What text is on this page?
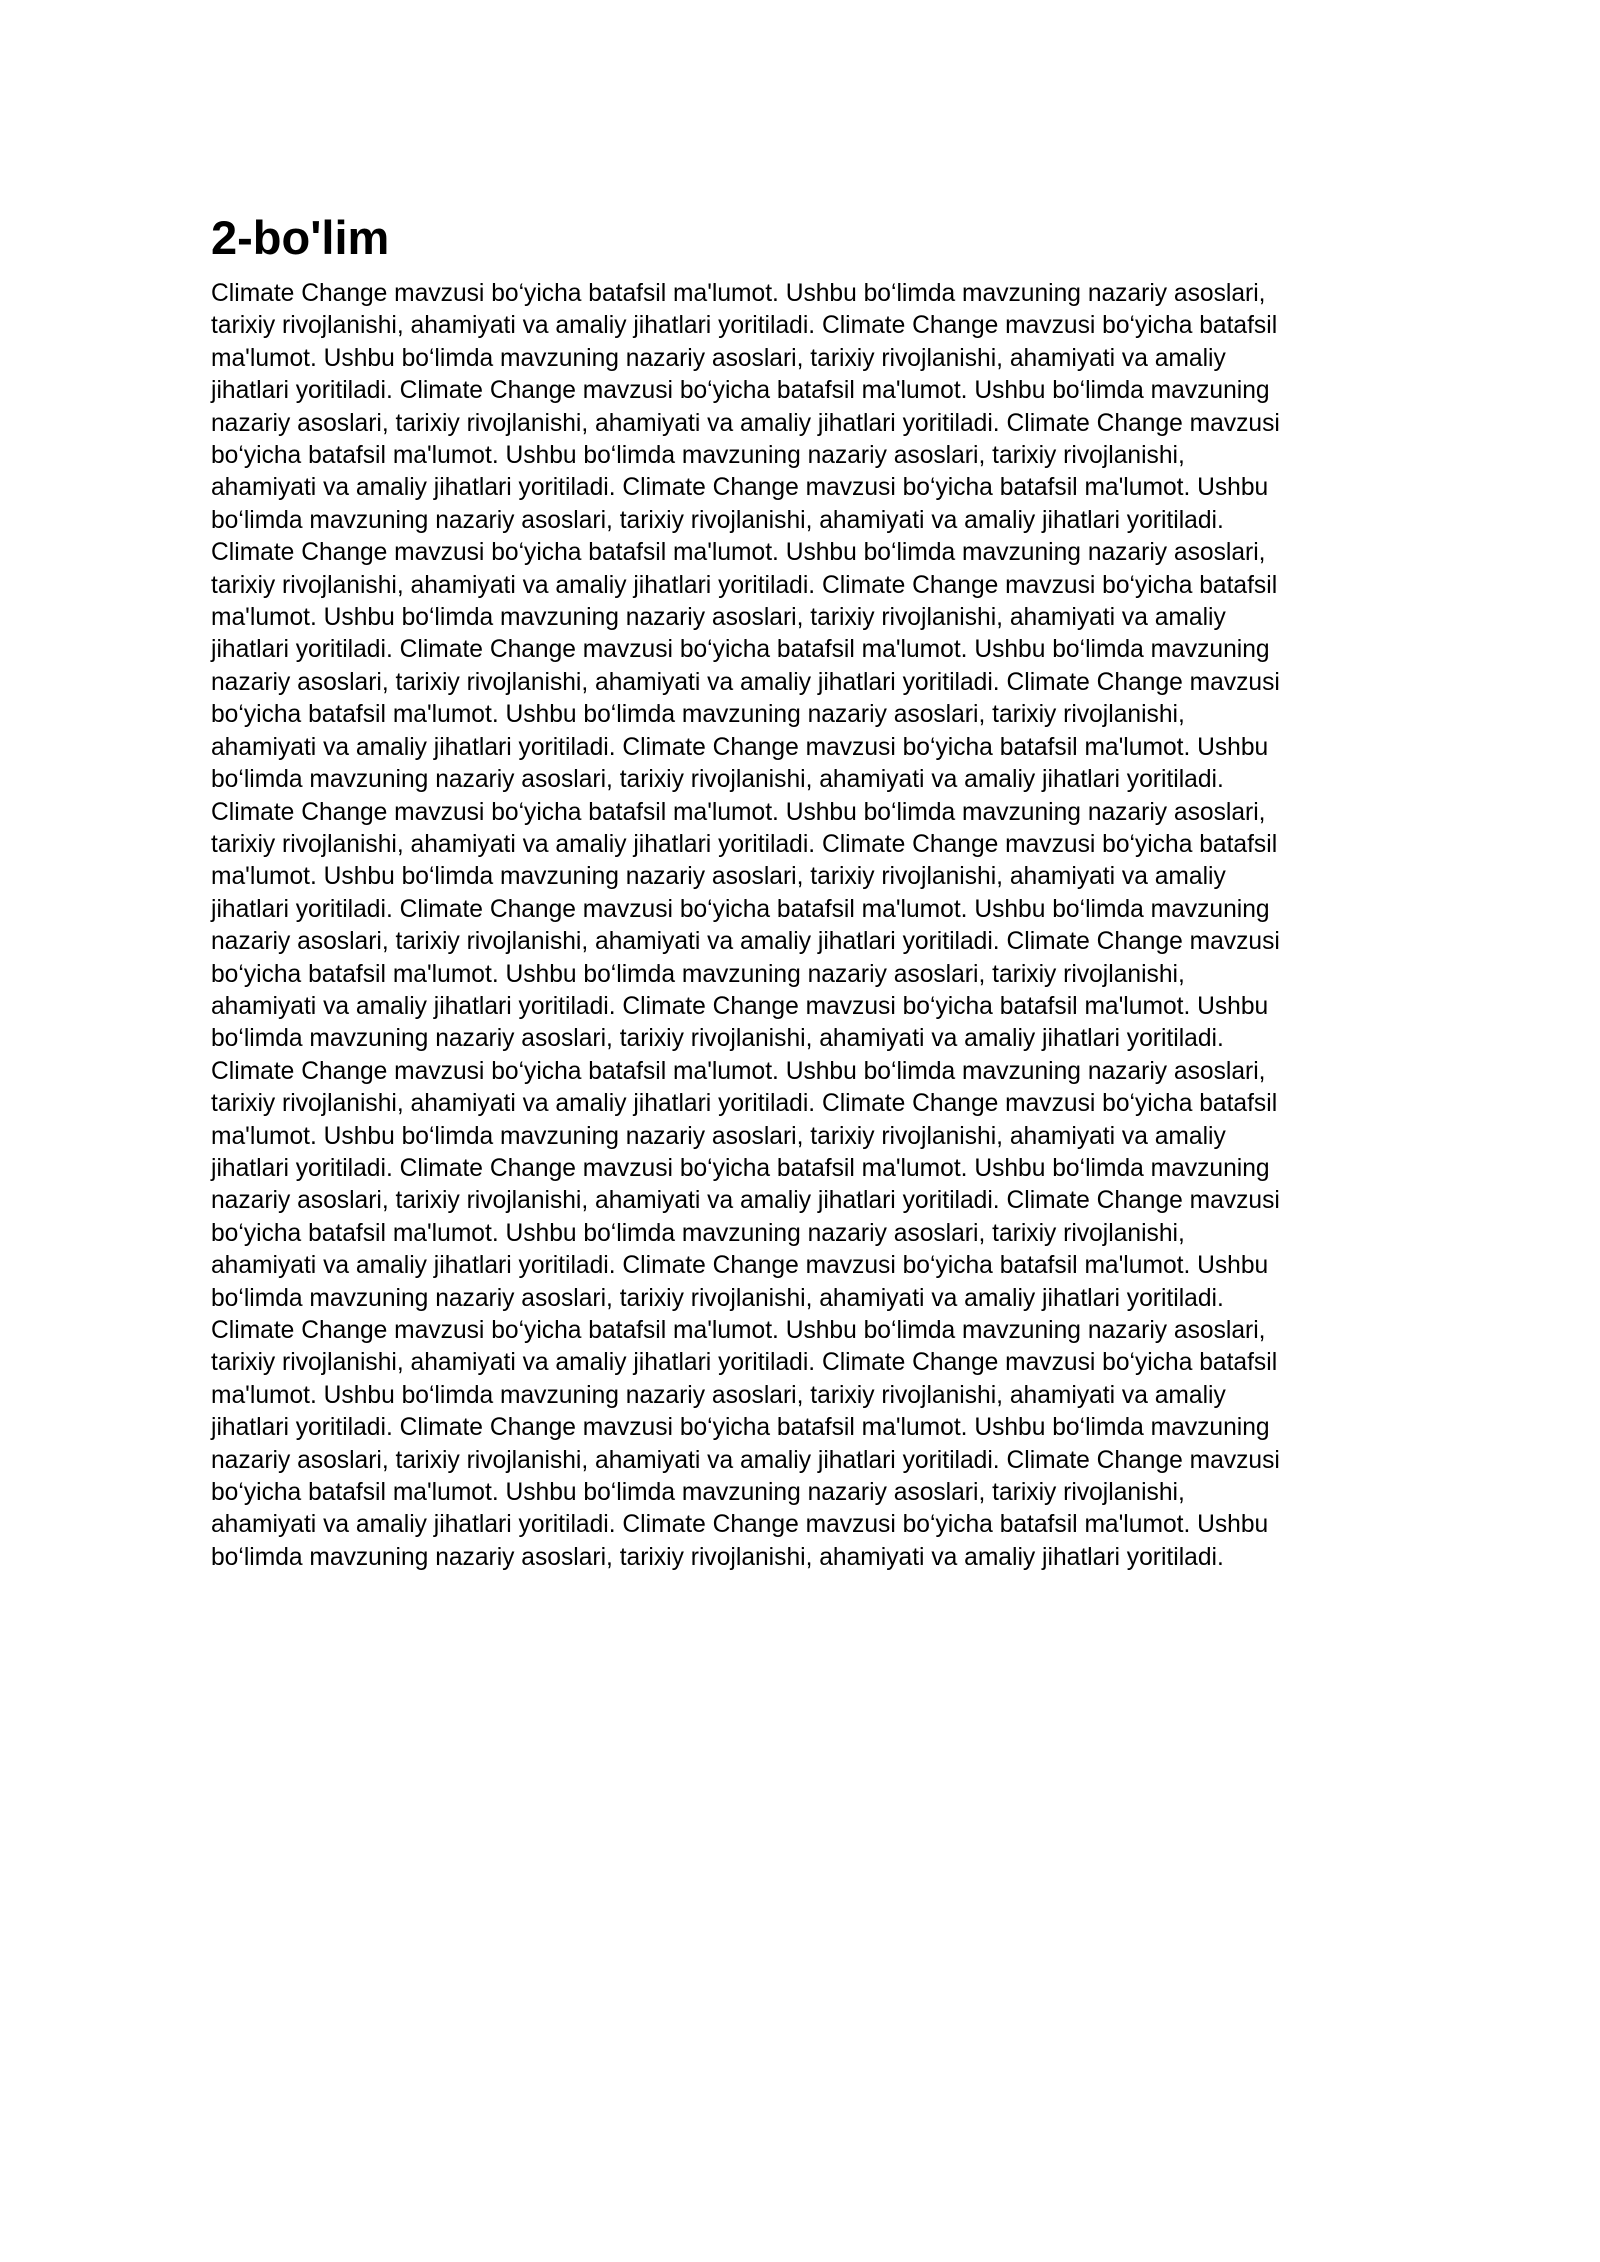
2-bo'lim

Climate Change mavzusi bo‘yicha batafsil ma'lumot. Ushbu bo‘limda mavzuning nazariy asoslari,
tarixiy rivojlanishi, ahamiyati va amaliy jihatlari yoritiladi. Climate Change mavzusi bo‘yicha batafsil
ma'lumot. Ushbu bo‘limda mavzuning nazariy asoslari, tarixiy rivojlanishi, ahamiyati va amaliy
jihatlari yoritiladi. Climate Change mavzusi bo‘yicha batafsil ma'lumot. Ushbu bo‘limda mavzuning
nazariy asoslari, tarixiy rivojlanishi, ahamiyati va amaliy jihatlari yoritiladi. Climate Change mavzusi
bo‘yicha batafsil ma'lumot. Ushbu bo‘limda mavzuning nazariy asoslari, tarixiy rivojlanishi,
ahamiyati va amaliy jihatlari yoritiladi. Climate Change mavzusi bo‘yicha batafsil ma'lumot. Ushbu
bo‘limda mavzuning nazariy asoslari, tarixiy rivojlanishi, ahamiyati va amaliy jihatlari yoritiladi.
Climate Change mavzusi bo‘yicha batafsil ma'lumot. Ushbu bo‘limda mavzuning nazariy asoslari,
tarixiy rivojlanishi, ahamiyati va amaliy jihatlari yoritiladi. Climate Change mavzusi bo‘yicha batafsil
ma'lumot. Ushbu bo‘limda mavzuning nazariy asoslari, tarixiy rivojlanishi, ahamiyati va amaliy
jihatlari yoritiladi. Climate Change mavzusi bo‘yicha batafsil ma'lumot. Ushbu bo‘limda mavzuning
nazariy asoslari, tarixiy rivojlanishi, ahamiyati va amaliy jihatlari yoritiladi. Climate Change mavzusi
bo‘yicha batafsil ma'lumot. Ushbu bo‘limda mavzuning nazariy asoslari, tarixiy rivojlanishi,
ahamiyati va amaliy jihatlari yoritiladi. Climate Change mavzusi bo‘yicha batafsil ma'lumot. Ushbu
bo‘limda mavzuning nazariy asoslari, tarixiy rivojlanishi, ahamiyati va amaliy jihatlari yoritiladi.
Climate Change mavzusi bo‘yicha batafsil ma'lumot. Ushbu bo‘limda mavzuning nazariy asoslari,
tarixiy rivojlanishi, ahamiyati va amaliy jihatlari yoritiladi. Climate Change mavzusi bo‘yicha batafsil
ma'lumot. Ushbu bo‘limda mavzuning nazariy asoslari, tarixiy rivojlanishi, ahamiyati va amaliy
jihatlari yoritiladi. Climate Change mavzusi bo‘yicha batafsil ma'lumot. Ushbu bo‘limda mavzuning
nazariy asoslari, tarixiy rivojlanishi, ahamiyati va amaliy jihatlari yoritiladi. Climate Change mavzusi
bo‘yicha batafsil ma'lumot. Ushbu bo‘limda mavzuning nazariy asoslari, tarixiy rivojlanishi,
ahamiyati va amaliy jihatlari yoritiladi. Climate Change mavzusi bo‘yicha batafsil ma'lumot. Ushbu
bo‘limda mavzuning nazariy asoslari, tarixiy rivojlanishi, ahamiyati va amaliy jihatlari yoritiladi.
Climate Change mavzusi bo‘yicha batafsil ma'lumot. Ushbu bo‘limda mavzuning nazariy asoslari,
tarixiy rivojlanishi, ahamiyati va amaliy jihatlari yoritiladi. Climate Change mavzusi bo‘yicha batafsil
ma'lumot. Ushbu bo‘limda mavzuning nazariy asoslari, tarixiy rivojlanishi, ahamiyati va amaliy
jihatlari yoritiladi. Climate Change mavzusi bo‘yicha batafsil ma'lumot. Ushbu bo‘limda mavzuning
nazariy asoslari, tarixiy rivojlanishi, ahamiyati va amaliy jihatlari yoritiladi. Climate Change mavzusi
bo‘yicha batafsil ma'lumot. Ushbu bo‘limda mavzuning nazariy asoslari, tarixiy rivojlanishi,
ahamiyati va amaliy jihatlari yoritiladi. Climate Change mavzusi bo‘yicha batafsil ma'lumot. Ushbu
bo‘limda mavzuning nazariy asoslari, tarixiy rivojlanishi, ahamiyati va amaliy jihatlari yoritiladi.
Climate Change mavzusi bo‘yicha batafsil ma'lumot. Ushbu bo‘limda mavzuning nazariy asoslari,
tarixiy rivojlanishi, ahamiyati va amaliy jihatlari yoritiladi. Climate Change mavzusi bo‘yicha batafsil
ma'lumot. Ushbu bo‘limda mavzuning nazariy asoslari, tarixiy rivojlanishi, ahamiyati va amaliy
jihatlari yoritiladi. Climate Change mavzusi bo‘yicha batafsil ma'lumot. Ushbu bo‘limda mavzuning
nazariy asoslari, tarixiy rivojlanishi, ahamiyati va amaliy jihatlari yoritiladi. Climate Change mavzusi
bo‘yicha batafsil ma'lumot. Ushbu bo‘limda mavzuning nazariy asoslari, tarixiy rivojlanishi,
ahamiyati va amaliy jihatlari yoritiladi. Climate Change mavzusi bo‘yicha batafsil ma'lumot. Ushbu
bo‘limda mavzuning nazariy asoslari, tarixiy rivojlanishi, ahamiyati va amaliy jihatlari yoritiladi.
